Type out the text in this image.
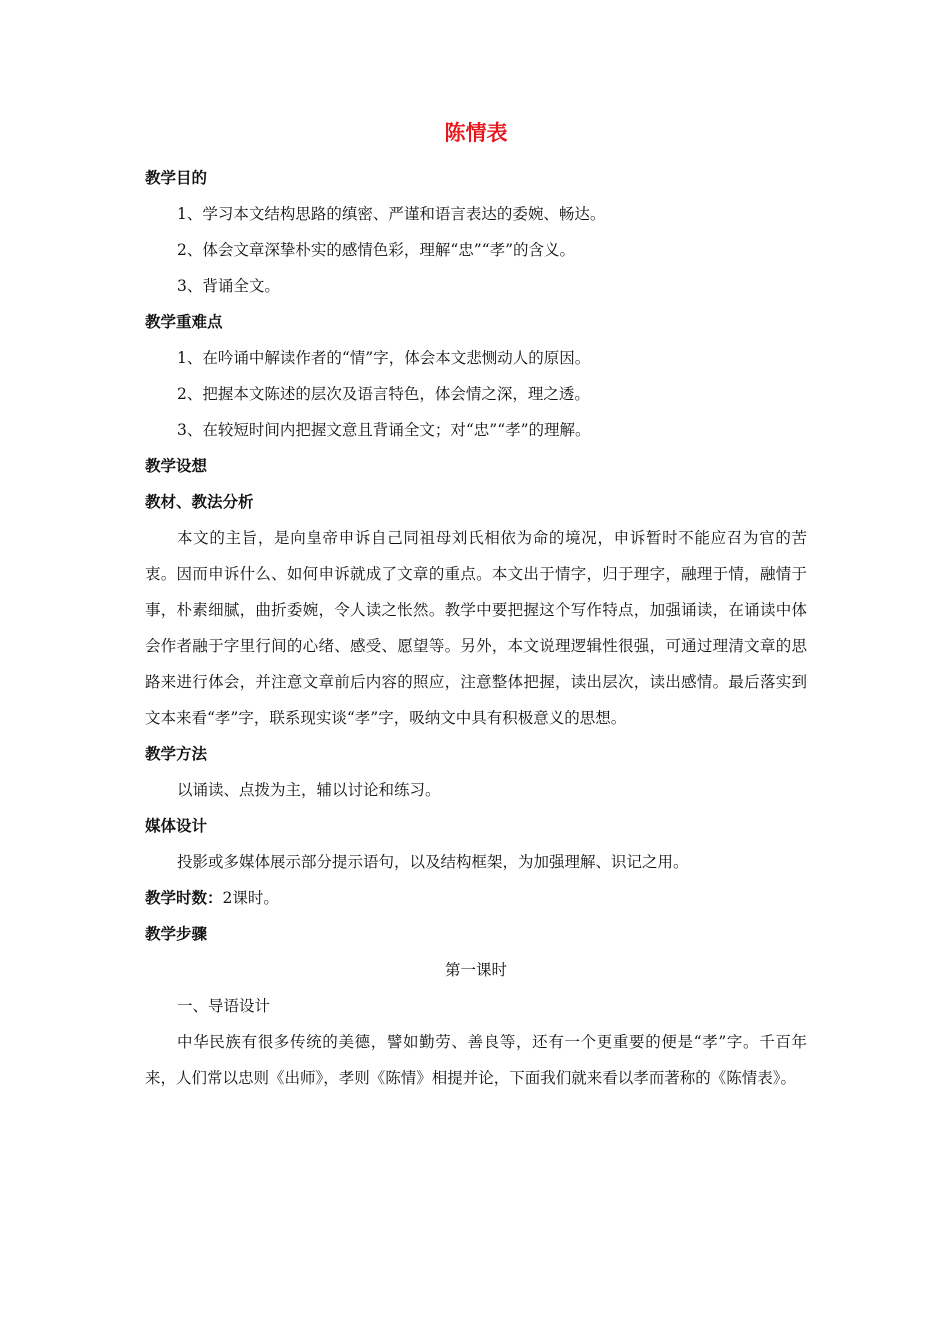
陈情表
教学目的
1、学习本文结构思路的缜密、严谨和语言表达的委婉、畅达。
2、体会文章深挚朴实的感情色彩，理解“忠”“孝”的含义。
3、背诵全文。
教学重难点
1、在吟诵中解读作者的“情”字，体会本文悲恻动人的原因。
2、把握本文陈述的层次及语言特色，体会情之深，理之透。
3、在较短时间内把握文意且背诵全文；对“忠”“孝”的理解。
教学设想
教材、教法分析
本文的主旨，是向皇帝申诉自己同祖母刘氏相依为命的境况，申诉暂时不能应召为官的苦衷。因而申诉什么、如何申诉就成了文章的重点。本文出于情字，归于理字，融理于情，融情于事，朴素细腻，曲折委婉，令人读之怅然。教学中要把握这个写作特点，加强诵读，在诵读中体会作者融于字里行间的心绪、感受、愿望等。另外，本文说理逻辑性很强，可通过理清文章的思路来进行体会，并注意文章前后内容的照应，注意整体把握，读出层次，读出感情。最后落实到文本来看“孝”字，联系现实谈“孝”字，吸纳文中具有积极意义的思想。
教学方法
以诵读、点拨为主，辅以讨论和练习。
媒体设计
投影或多媒体展示部分提示语句，以及结构框架，为加强理解、识记之用。
教学时数：2课时。
教学步骤
第一课时
一、导语设计
中华民族有很多传统的美德，譬如勤劳、善良等，还有一个更重要的便是“孝”字。千百年来，人们常以忠则《出师》，孝则《陈情》相提并论，下面我们就来看以孝而著称的《陈情表》。
